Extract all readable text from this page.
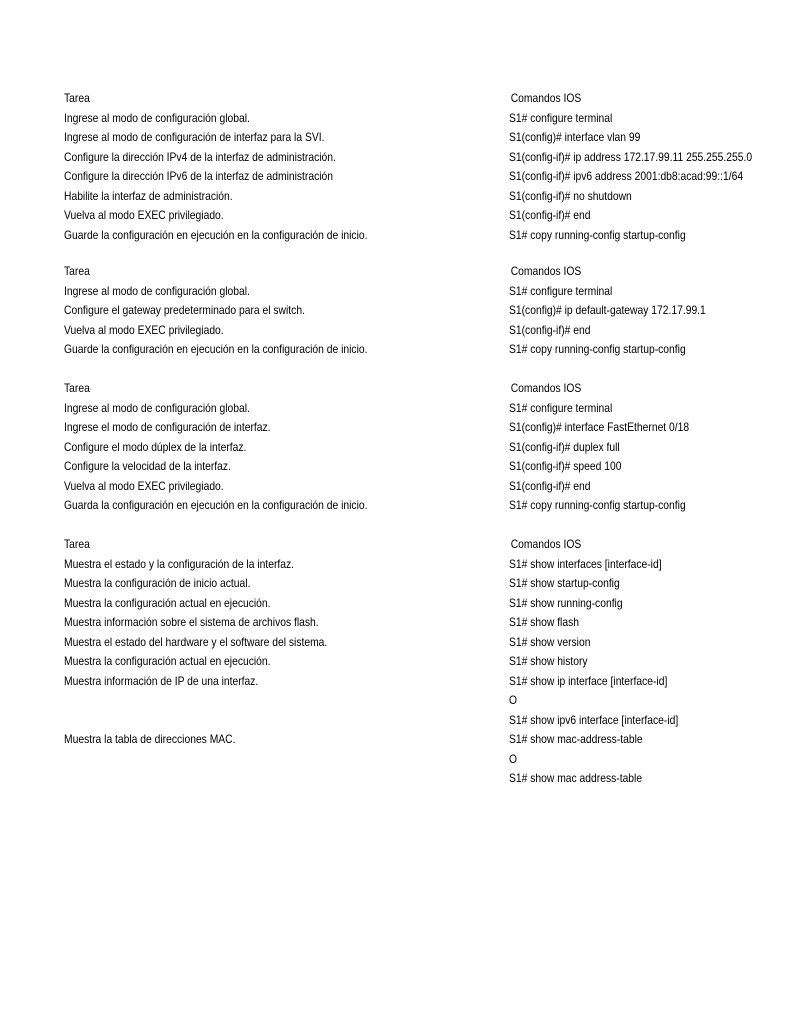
Tarea	Comandos IOS
Ingrese al modo de configuración global.	S1# configure terminal
Ingrese al modo de configuración de interfaz para la SVI.	S1(config)# interface vlan 99
Configure la dirección IPv4 de la interfaz de administración.	S1(config-if)# ip address 172.17.99.11 255.255.255.0
Configure la dirección IPv6 de la interfaz de administración	S1(config-if)# ipv6 address 2001:db8:acad:99::1/64
Habilite la interfaz de administración.	S1(config-if)# no shutdown
Vuelva al modo EXEC privilegiado.	S1(config-if)# end
Guarde la configuración en ejecución en la configuración de inicio.	S1# copy running-config startup-config
Tarea	Comandos IOS
Ingrese al modo de configuración global.	S1# configure terminal
Configure el gateway predeterminado para el switch.	S1(config)# ip default-gateway 172.17.99.1
Vuelva al modo EXEC privilegiado.	S1(config-if)# end
Guarde la configuración en ejecución en la configuración de inicio.	S1# copy running-config startup-config
Tarea	Comandos IOS
Ingrese al modo de configuración global.	S1# configure terminal
Ingrese el modo de configuración de interfaz.	S1(config)# interface FastEthernet 0/18
Configure el modo dúplex de la interfaz.	S1(config-if)# duplex full
Configure la velocidad de la interfaz.	S1(config-if)# speed 100
Vuelva al modo EXEC privilegiado.	S1(config-if)# end
Guarda la configuración en ejecución en la configuración de inicio.	S1# copy running-config startup-config
Tarea	Comandos IOS
Muestra el estado y la configuración de la interfaz.	S1# show interfaces [interface-id]
Muestra la configuración de inicio actual.	S1# show startup-config
Muestra la configuración actual en ejecución.	S1# show running-config
Muestra información sobre el sistema de archivos flash.	S1# show flash
Muestra el estado del hardware y el software del sistema.	S1# show version
Muestra la configuración actual en ejecución.	S1# show history
Muestra información de IP de una interfaz.	S1# show ip interface [interface-id]
O
S1# show ipv6 interface [interface-id]
Muestra la tabla de direcciones MAC.	S1# show mac-address-table
O
S1# show mac address-table
